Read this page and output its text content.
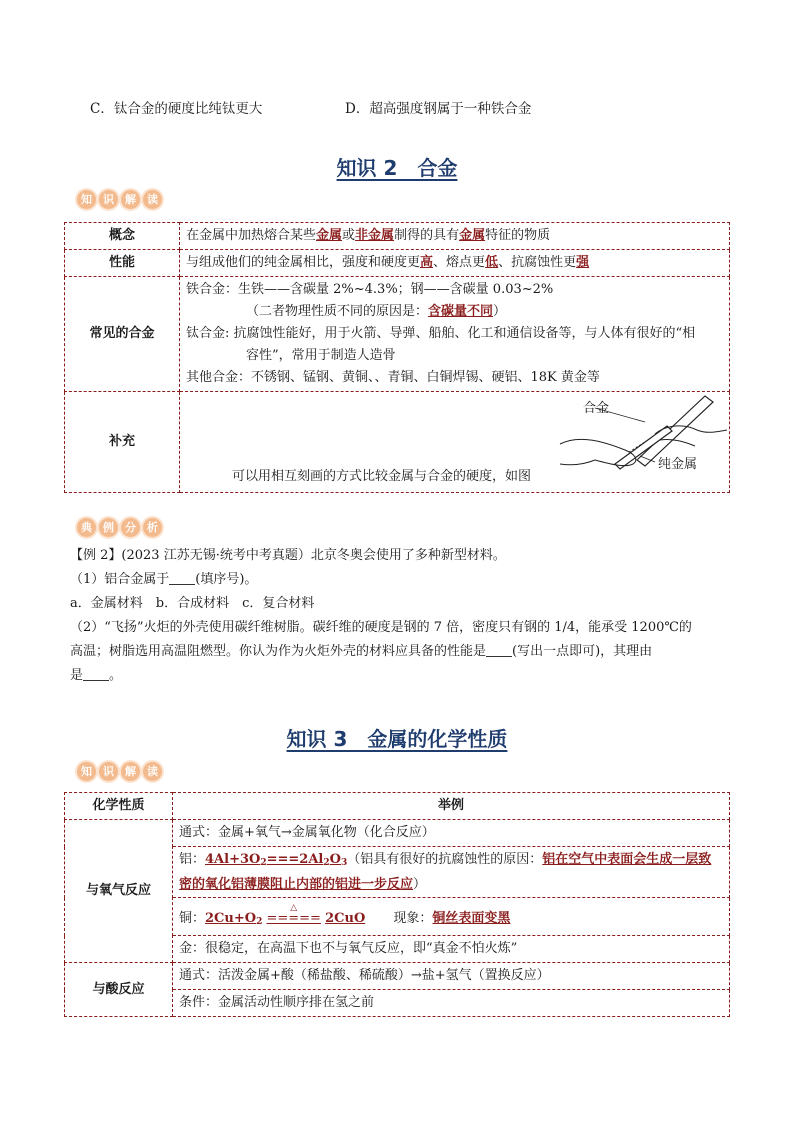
C．钛合金的硬度比纯钛更大	D．超高强度钢属于一种铁合金
知识 2　合金
知	识	解	读
概念	在金属中加热熔合某些金属或非金属制得的具有金属特征的物质
性能	与组成他们的纯金属相比，强度和硬度更高、熔点更低、抗腐蚀性更强
常见的合金	铁合金：生铁——含碳量 2%~4.3%；钢——含碳量 0.03~2%
（二者物理性质不同的原因是：含碳量不同）
钛合金: 抗腐蚀性能好，用于火箭、导弹、船舶、化工和通信设备等，与人体有很好的“相
容性”，常用于制造人造骨
其他合金：不锈钢、锰钢、黄铜、、青铜、白铜焊锡、硬铝、18K 黄金等

补充	可以用相互刻画的方式比较金属与合金的硬度，如图
合金
纯金属
典	例	分	析
【例 2】(2023 江苏无锡·统考中考真题）北京冬奥会使用了多种新型材料。
（1）铝合金属于 (填序号)。
a．金属材料　b．合成材料　c．复合材料
（2）“飞扬”火炬的外壳使用碳纤维树脂。碳纤维的硬度是钢的 7 倍，密度只有钢的 1/4，能承受 1200℃的
高温；树脂选用高温阻燃型。你认为作为火炬外壳的材料应具备的性能是 (写出一点即可)，其理由
是 。
知识 3　金属的化学性质
知	识	解	读
化学性质	举例
与氧气反应	通式：金属+氧气→金属氧化物（化合反应）
	铝：$4Al+3O_2===2Al_2O_3$（铝具有很好的抗腐蚀性的原因：铝在空气中表面会生成一层致
密的氧化铝薄膜阻止内部的铝进一步反应）
	铜：$2Cu+O_2$
△
===== 2CuO 现象：铜丝表面变黑
	金：很稳定，在高温下也不与氧气反应，即“真金不怕火炼”
与酸反应	通式：活泼金属+酸（稀盐酸、稀硫酸）→盐+氢气（置换反应）
	条件：金属活动性顺序排在氢之前
